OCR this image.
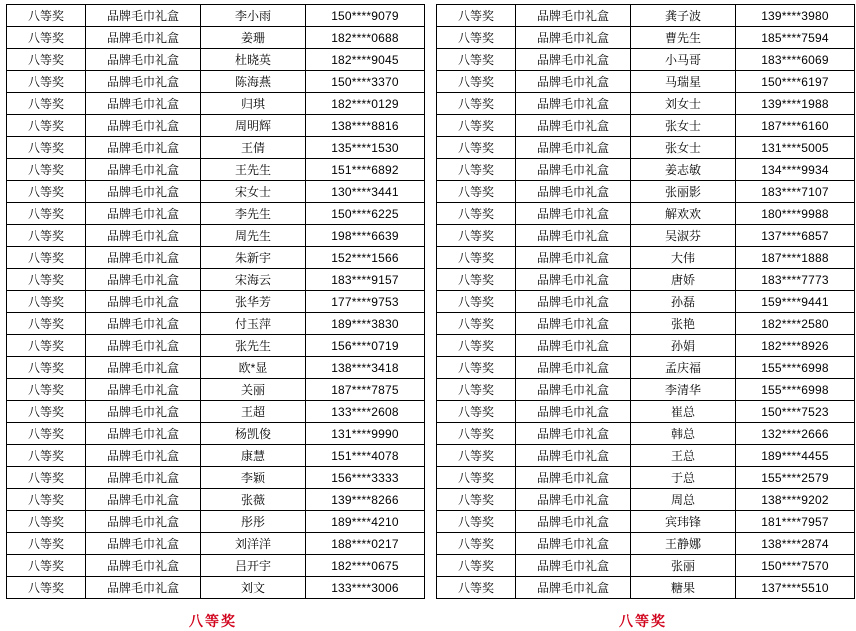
八等奖	品牌毛巾礼盒	李小雨	150****9079
八等奖	品牌毛巾礼盒	姜珊	182****0688
八等奖	品牌毛巾礼盒	杜晓英	182****9045
八等奖	品牌毛巾礼盒	陈海燕	150****3370
八等奖	品牌毛巾礼盒	归琪	182****0129
八等奖	品牌毛巾礼盒	周明辉	138****8816
八等奖	品牌毛巾礼盒	王倩	135****1530
八等奖	品牌毛巾礼盒	王先生	151****6892
八等奖	品牌毛巾礼盒	宋女士	130****3441
八等奖	品牌毛巾礼盒	李先生	150****6225
八等奖	品牌毛巾礼盒	周先生	198****6639
八等奖	品牌毛巾礼盒	朱新宇	152****1566
八等奖	品牌毛巾礼盒	宋海云	183****9157
八等奖	品牌毛巾礼盒	张华芳	177****9753
八等奖	品牌毛巾礼盒	付玉萍	189****3830
八等奖	品牌毛巾礼盒	张先生	156****0719
八等奖	品牌毛巾礼盒	欧*显	138****3418
八等奖	品牌毛巾礼盒	关丽	187****7875
八等奖	品牌毛巾礼盒	王超	133****2608
八等奖	品牌毛巾礼盒	杨凯俊	131****9990
八等奖	品牌毛巾礼盒	康慧	151****4078
八等奖	品牌毛巾礼盒	李颖	156****3333
八等奖	品牌毛巾礼盒	张薇	139****8266
八等奖	品牌毛巾礼盒	彤彤	189****4210
八等奖	品牌毛巾礼盒	刘洋洋	188****0217
八等奖	品牌毛巾礼盒	吕开宇	182****0675
八等奖	品牌毛巾礼盒	刘文	133****3006
八等奖	品牌毛巾礼盒	龚子波	139****3980
八等奖	品牌毛巾礼盒	曹先生	185****7594
八等奖	品牌毛巾礼盒	小马哥	183****6069
八等奖	品牌毛巾礼盒	马瑞星	150****6197
八等奖	品牌毛巾礼盒	刘女士	139****1988
八等奖	品牌毛巾礼盒	张女士	187****6160
八等奖	品牌毛巾礼盒	张女士	131****5005
八等奖	品牌毛巾礼盒	姜志敏	134****9934
八等奖	品牌毛巾礼盒	张丽影	183****7107
八等奖	品牌毛巾礼盒	解欢欢	180****9988
八等奖	品牌毛巾礼盒	吴淑芬	137****6857
八等奖	品牌毛巾礼盒	大伟	187****1888
八等奖	品牌毛巾礼盒	唐娇	183****7773
八等奖	品牌毛巾礼盒	孙磊	159****9441
八等奖	品牌毛巾礼盒	张艳	182****2580
八等奖	品牌毛巾礼盒	孙娟	182****8926
八等奖	品牌毛巾礼盒	孟庆福	155****6998
八等奖	品牌毛巾礼盒	李清华	155****6998
八等奖	品牌毛巾礼盒	崔总	150****7523
八等奖	品牌毛巾礼盒	韩总	132****2666
八等奖	品牌毛巾礼盒	王总	189****4455
八等奖	品牌毛巾礼盒	于总	155****2579
八等奖	品牌毛巾礼盒	周总	138****9202
八等奖	品牌毛巾礼盒	宾玮锋	181****7957
八等奖	品牌毛巾礼盒	王静娜	138****2874
八等奖	品牌毛巾礼盒	张丽	150****7570
八等奖	品牌毛巾礼盒	糖果	137****5510
八等奖	八等奖
